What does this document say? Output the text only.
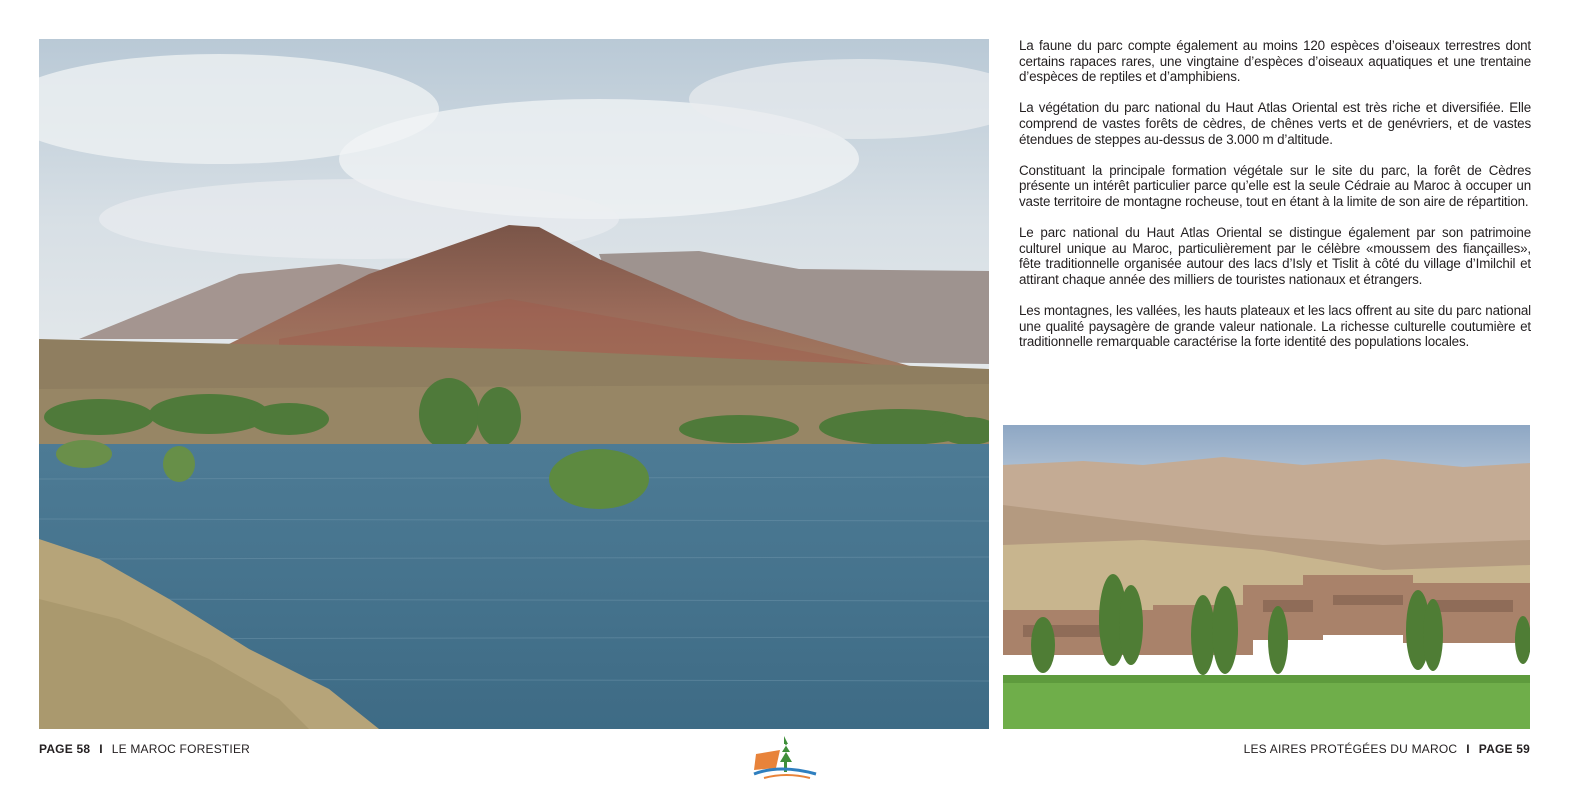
La faune du parc compte également au moins 120 espèces d’oiseaux terrestres dont certains rapaces rares, une vingtaine d’espèces d’oiseaux aquatiques et une trentaine d’espèces de reptiles et d’amphibiens.

La végétation du parc national du Haut Atlas Oriental est très riche et diversifiée. Elle comprend de vastes forêts de cèdres, de chênes verts et de genévriers, et de vastes étendues de steppes au-dessus de 3.000 m d’altitude.

Constituant la principale formation végétale sur le site du parc, la forêt de Cèdres présente un intérêt particulier parce qu’elle est la seule Cédraie au Maroc à occuper un vaste territoire de montagne rocheuse, tout en étant à la limite de son aire de répartition.

Le parc national du Haut Atlas Oriental se distingue également par son patrimoine culturel unique au Maroc, particulièrement par le célèbre «moussem des fiançailles», fête traditionnelle organisée autour des lacs d’Isly et Tislit à côté du village d’Imilchil et attirant chaque année des milliers de touristes nationaux et étrangers.

Les montagnes, les vallées, les hauts plateaux et les lacs offrent au site du parc national une qualité paysagère de grande valeur nationale. La richesse culturelle coutumière et traditionnelle remarquable caractérise la forte identité des populations locales.

PAGE 58 I LE MAROC FORESTIER	LES AIRES PROTÉGÉES DU MAROC I PAGE 59
